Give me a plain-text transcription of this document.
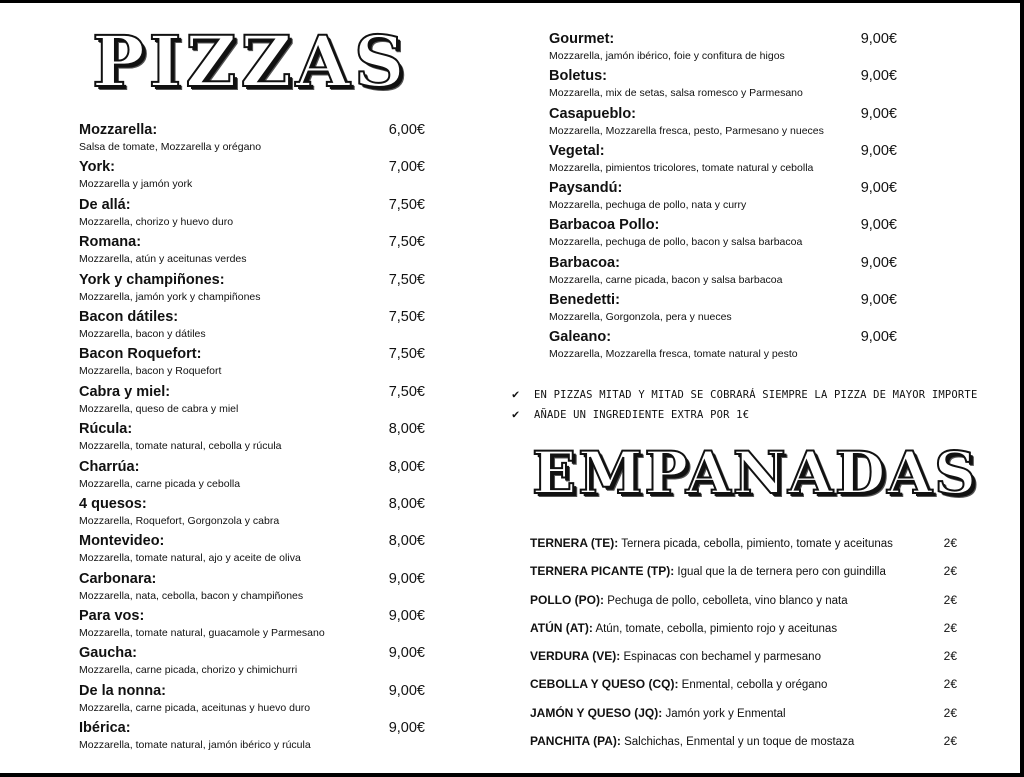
PIZZAS
Mozzarella:	6,00€
Salsa de tomate, Mozzarella y orégano
York:	7,00€
Mozzarella y jamón york
De allá:	7,50€
Mozzarella, chorizo y huevo duro
Romana:	7,50€
Mozzarella, atún y aceitunas verdes
York y champiñones:	7,50€
Mozzarella, jamón york y champiñones
Bacon dátiles:	7,50€
Mozzarella, bacon y dátiles
Bacon Roquefort:	7,50€
Mozzarella, bacon y Roquefort
Cabra y miel:	7,50€
Mozzarella, queso de cabra y miel
Rúcula:	8,00€
Mozzarella, tomate natural, cebolla y rúcula
Charrúa:	8,00€
Mozzarella, carne picada y cebolla
4 quesos:	8,00€
Mozzarella, Roquefort, Gorgonzola y cabra
Montevideo:	8,00€
Mozzarella, tomate natural, ajo y aceite de oliva
Carbonara:	9,00€
Mozzarella, nata, cebolla, bacon y champiñones
Para vos:	9,00€
Mozzarella, tomate natural, guacamole y Parmesano
Gaucha:	9,00€
Mozzarella, carne picada, chorizo y chimichurri
De la nonna:	9,00€
Mozzarella, carne picada, aceitunas y huevo duro
Ibérica:	9,00€
Mozzarella, tomate natural, jamón ibérico y rúcula
Gourmet:	9,00€
Mozzarella, jamón ibérico, foie y confitura de higos
Boletus:	9,00€
Mozzarella, mix de setas, salsa romesco y Parmesano
Casapueblo:	9,00€
Mozzarella, Mozzarella fresca, pesto, Parmesano y nueces
Vegetal:	9,00€
Mozzarella, pimientos tricolores, tomate natural y cebolla
Paysandú:	9,00€
Mozzarella, pechuga de pollo, nata y curry
Barbacoa Pollo:	9,00€
Mozzarella, pechuga de pollo, bacon y salsa barbacoa
Barbacoa:	9,00€
Mozzarella, carne picada, bacon y salsa barbacoa
Benedetti:	9,00€
Mozzarella, Gorgonzola, pera y nueces
Galeano:	9,00€
Mozzarella, Mozzarella fresca, tomate natural y pesto
✔ EN PIZZAS MITAD Y MITAD SE COBRARÁ SIEMPRE LA PIZZA DE MAYOR IMPORTE
✔ AÑADE UN INGREDIENTE EXTRA POR 1€
EMPANADAS
TERNERA (TE): Ternera picada, cebolla, pimiento, tomate y aceitunas	2€
TERNERA PICANTE (TP): Igual que la de ternera pero con guindilla	2€
POLLO (PO): Pechuga de pollo, cebolleta, vino blanco y nata	2€
ATÚN (AT): Atún, tomate, cebolla, pimiento rojo y aceitunas	2€
VERDURA (VE): Espinacas con bechamel y parmesano	2€
CEBOLLA Y QUESO (CQ): Enmental, cebolla y orégano	2€
JAMÓN Y QUESO (JQ): Jamón york y Enmental	2€
PANCHITA (PA): Salchichas, Enmental y un toque de mostaza	2€
